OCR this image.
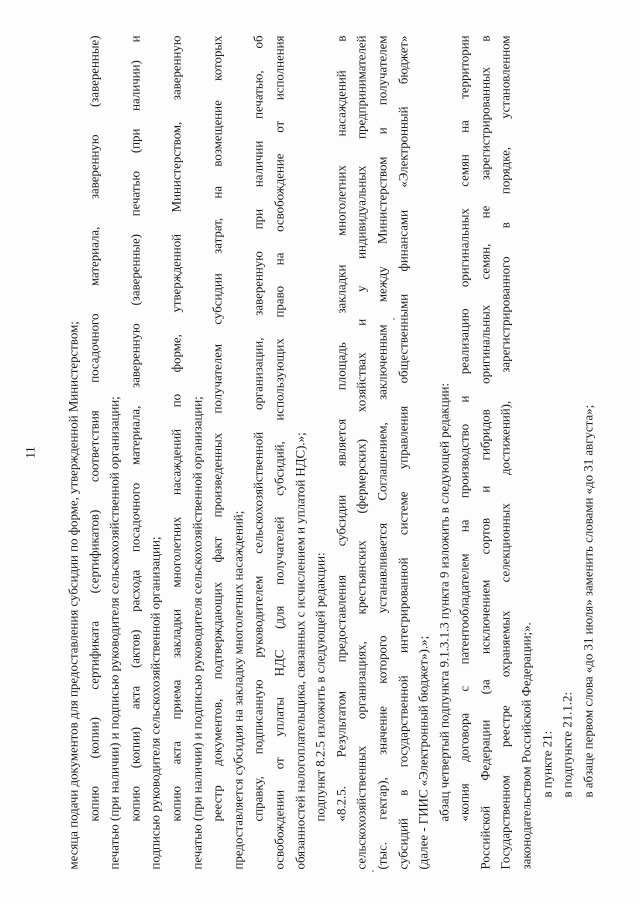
11 месяца подачи документов для предоставления субсидии по форме, утвержденной Министерством; копию (копии) сертификата (сертификатов) соответствия посадочного материала, заверенную (заверенные) печатью (при наличии) и подписью руководителя сельскохозяйственной организации; копию (копии) акта (актов) расхода посадочного материала, заверенную (заверенные) печатью (при наличии) и подписью руководителя сельскохозяйственной организации; копию акта приема закладки многолетних насаждений по форме, утвержденной Министерством, заверенную печатью (при наличии) и подписью руководителя сельскохозяйственной организации; реестр документов, подтверждающих факт произведенных получателем субсидии затрат, на возмещение которых предоставляется субсидия на закладку многолетних насаждений; справку, подписанную руководителем сельскохозяйственной организации, заверенную при наличии печатью, об освобождении от уплаты НДС (для получателей субсидий, использующих право на освобождение от исполнения обязанностей налогоплательщика, связанных с исчислением и уплатой НДС).»; подпункт 8.2.5 изложить в следующей редакции: «8.2.5. Результатом предоставления субсидии является площадь закладки многолетних насаждений в сельскохозяйственных организациях, крестьянских (фермерских) хозяйствах и у индивидуальных предпринимателей (тыс. гектар), значение которого устанавливается Соглашением, заключенным между Министерством и получателем субсидий в государственной интегрированной системе управления общественными финансами «Электронный бюджет» (далее - ГИИС «Электронный бюджет»).»; абзац четвертый подпункта 9.1.3.1.3 пункта 9 изложить в следующей редакции: «копия договора с патентообладателем на производство и реализацию оригинальных семян на территории Российской Федерации (за исключением сортов и гибридов оригинальных семян, не зарегистрированных в Государственном реестре охраняемых селекционных достижений), зарегистрированного в порядке, установленном законодательством Российской Федерации;». в пункте 21: в подпункте 21.1.2: в абзаце первом слова «до 31 июля» заменить словами «до 31 августа»;
